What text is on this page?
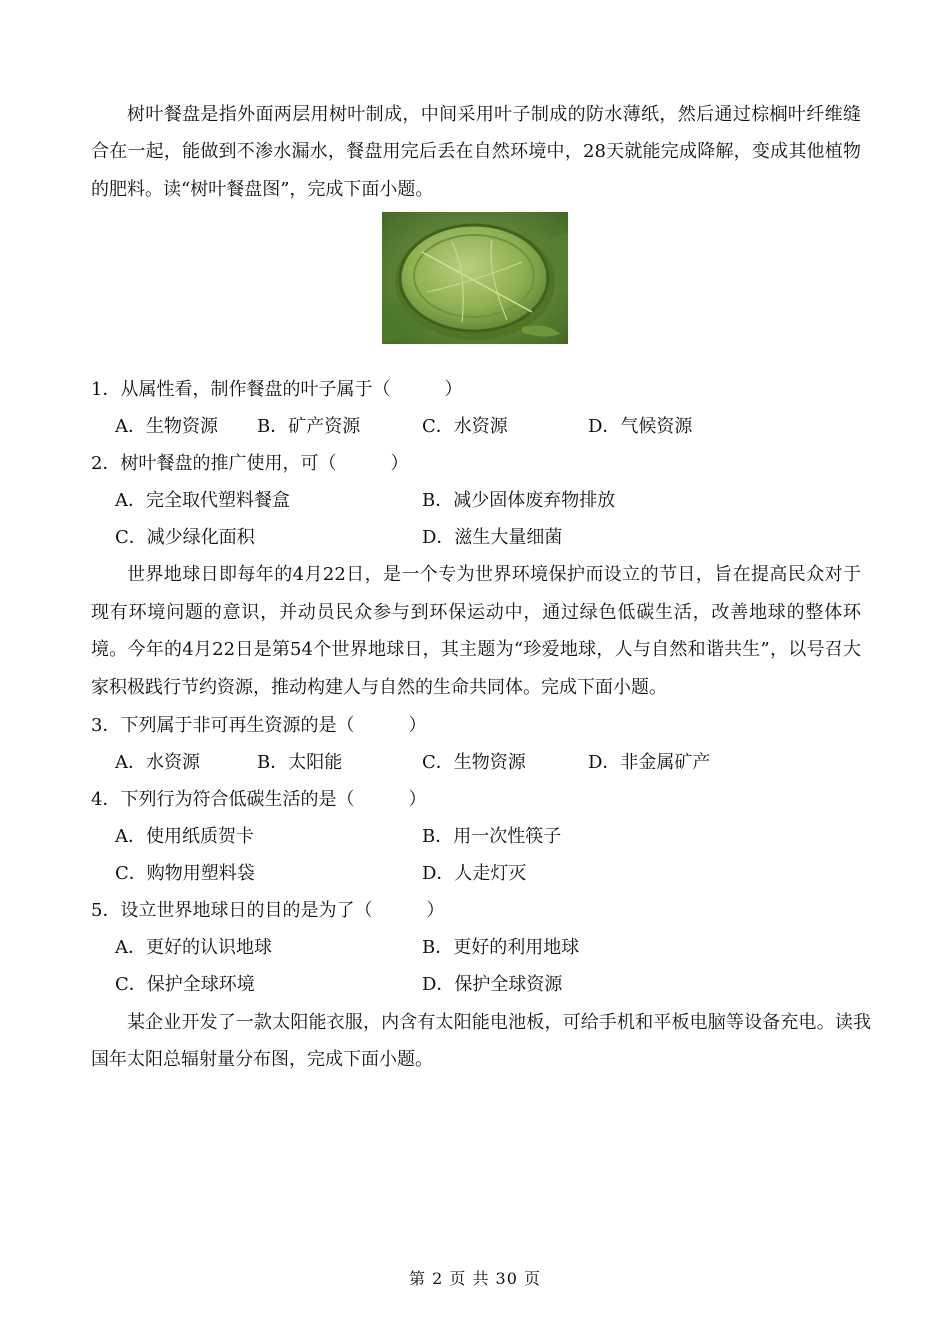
树叶餐盘是指外面两层用树叶制成，中间采用叶子制成的防水薄纸，然后通过棕榈叶纤维缝合在一起，能做到不渗水漏水，餐盘用完后丢在自然环境中，28天就能完成降解，变成其他植物的肥料。读“树叶餐盘图”，完成下面小题。
1．从属性看，制作餐盘的叶子属于（　　　）
A．生物资源 B．矿产资源	C．水资源	D．气候资源
2．树叶餐盘的推广使用，可（　　　）
A．完全取代塑料餐盒	B．减少固体废弃物排放
C．减少绿化面积	D．滋生大量细菌
世界地球日即每年的4月22日，是一个专为世界环境保护而设立的节日，旨在提高民众对于现有环境问题的意识，并动员民众参与到环保运动中，通过绿色低碳生活，改善地球的整体环境。今年的4月22日是第54个世界地球日，其主题为“珍爱地球，人与自然和谐共生”，以号召大家积极践行节约资源，推动构建人与自然的生命共同体。完成下面小题。
3．下列属于非可再生资源的是（　　　）
A．水资源	B．太阳能	C．生物资源	D．非金属矿产
4．下列行为符合低碳生活的是（　　　）
A．使用纸质贺卡	B．用一次性筷子
C．购物用塑料袋	D．人走灯灭
5．设立世界地球日的目的是为了（　　　）
A．更好的认识地球	B．更好的利用地球
C．保护全球环境	D．保护全球资源
某企业开发了一款太阳能衣服，内含有太阳能电池板，可给手机和平板电脑等设备充电。读我国年太阳总辐射量分布图，完成下面小题。
第 2 页 共 30 页
